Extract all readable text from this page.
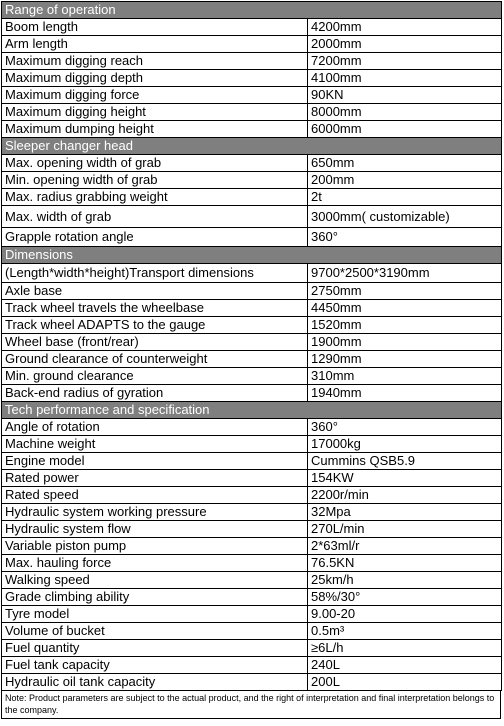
Range of operation	
Boom length	4200mm
Arm length	2000mm
Maximum digging reach	7200mm
Maximum digging depth	4100mm
Maximum digging force	90KN
Maximum digging height	8000mm
Maximum dumping height	6000mm
Sleeper changer head	
Max. opening width of grab	650mm
Min. opening width of grab	200mm
Max. radius grabbing weight	2t
Max. width of grab	3000mm( customizable)
Grapple rotation angle	360°
Dimensions	
(Length*width*height)Transport dimensions	9700*2500*3190mm
Axle base	2750mm
Track wheel travels the wheelbase	4450mm
Track wheel ADAPTS to the gauge	1520mm
Wheel base (front/rear)	1900mm
Ground clearance of counterweight	1290mm
Min. ground clearance	310mm
Back-end radius of gyration	1940mm
Tech performance and specification	
Angle of rotation	360°
Machine weight	17000kg
Engine model	Cummins QSB5.9
Rated power	154KW
Rated speed	2200r/min
Hydraulic system working pressure	32Mpa
Hydraulic system flow	270L/min
Variable piston pump	2*63ml/r
Max. hauling force	76.5KN
Walking speed	25km/h
Grade climbing ability	58%/30°
Tyre model	9.00-20
Volume of bucket	0.5m³
Fuel quantity	≥6L/h
Fuel tank capacity	240L
Hydraulic oil tank capacity	200L
Note: Product parameters are subject to the actual product, and the right of interpretation and final interpretation belongs to the company.
